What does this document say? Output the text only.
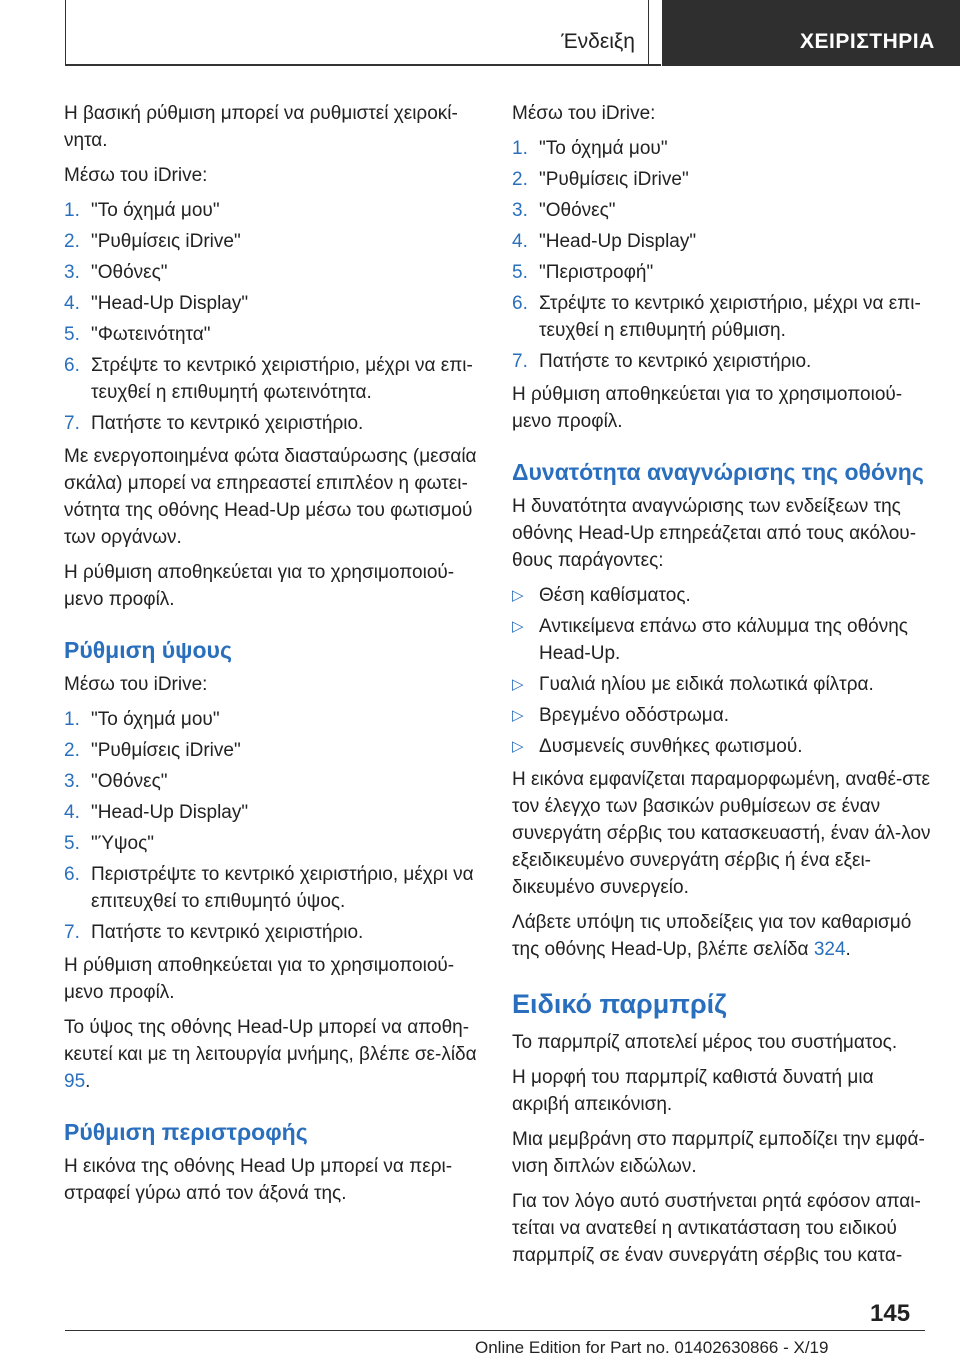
Ένδειξη	ΧΕΙΡΙΣΤΗΡΙΑ

Η βασική ρύθμιση μπορεί να ρυθμιστεί χειροκί-νητα.

Μέσω του iDrive:

1. "Το όχημά μου"
2. "Ρυθμίσεις iDrive"
3. "Οθόνες"
4. "Head-Up Display"
5. "Φωτεινότητα"
6. Στρέψτε το κεντρικό χειριστήριο, μέχρι να επι-τευχθεί η επιθυμητή φωτεινότητα.
7. Πατήστε το κεντρικό χειριστήριο.

Με ενεργοποιημένα φώτα διασταύρωσης (μεσαία σκάλα) μπορεί να επηρεαστεί επιπλέον η φωτει-νότητα της οθόνης Head-Up μέσω του φωτισμού των οργάνων.

Η ρύθμιση αποθηκεύεται για το χρησιμοποιού-μενο προφίλ.

Ρύθμιση ύψους

Μέσω του iDrive:

1. "Το όχημά μου"
2. "Ρυθμίσεις iDrive"
3. "Οθόνες"
4. "Head-Up Display"
5. "Ύψος"
6. Περιστρέψτε το κεντρικό χειριστήριο, μέχρι να επιτευχθεί το επιθυμητό ύψος.
7. Πατήστε το κεντρικό χειριστήριο.

Η ρύθμιση αποθηκεύεται για το χρησιμοποιού-μενο προφίλ.

Το ύψος της οθόνης Head-Up μπορεί να αποθη-κευτεί και με τη λειτουργία μνήμης, βλέπε σε-λίδα 95.

Ρύθμιση περιστροφής

Η εικόνα της οθόνης Head Up μπορεί να περι-στραφεί γύρω από τον άξονά της.

Μέσω του iDrive:

1. "Το όχημά μου"
2. "Ρυθμίσεις iDrive"
3. "Οθόνες"
4. "Head-Up Display"
5. "Περιστροφή"
6. Στρέψτε το κεντρικό χειριστήριο, μέχρι να επι-τευχθεί η επιθυμητή ρύθμιση.
7. Πατήστε το κεντρικό χειριστήριο.

Η ρύθμιση αποθηκεύεται για το χρησιμοποιού-μενο προφίλ.

Δυνατότητα αναγνώρισης της οθόνης

Η δυνατότητα αναγνώρισης των ενδείξεων της οθόνης Head-Up επηρεάζεται από τους ακόλου-θους παράγοντες:

▷ Θέση καθίσματος.
▷ Αντικείμενα επάνω στο κάλυμμα της οθόνης Head-Up.
▷ Γυαλιά ηλίου με ειδικά πολωτικά φίλτρα.
▷ Βρεγμένο οδόστρωμα.
▷ Δυσμενείς συνθήκες φωτισμού.

Η εικόνα εμφανίζεται παραμορφωμένη, αναθέ-στε τον έλεγχο των βασικών ρυθμίσεων σε έναν συνεργάτη σέρβις του κατασκευαστή, έναν άλ-λον εξειδικευμένο συνεργάτη σέρβις ή ένα εξει-δικευμένο συνεργείο.

Λάβετε υπόψη τις υποδείξεις για τον καθαρισμό της οθόνης Head-Up, βλέπε σελίδα 324.

Ειδικό παρμπρίζ

Το παρμπρίζ αποτελεί μέρος του συστήματος.

Η μορφή του παρμπρίζ καθιστά δυνατή μια ακριβή απεικόνιση.

Μια μεμβράνη στο παρμπρίζ εμποδίζει την εμφά-νιση διπλών ειδώλων.

Για τον λόγο αυτό συστήνεται ρητά εφόσον απαι-τείται να ανατεθεί η αντικατάσταση του ειδικού παρμπρίζ σε έναν συνεργάτη σέρβις του κατα-

145
Online Edition for Part no. 01402630866 - X/19
